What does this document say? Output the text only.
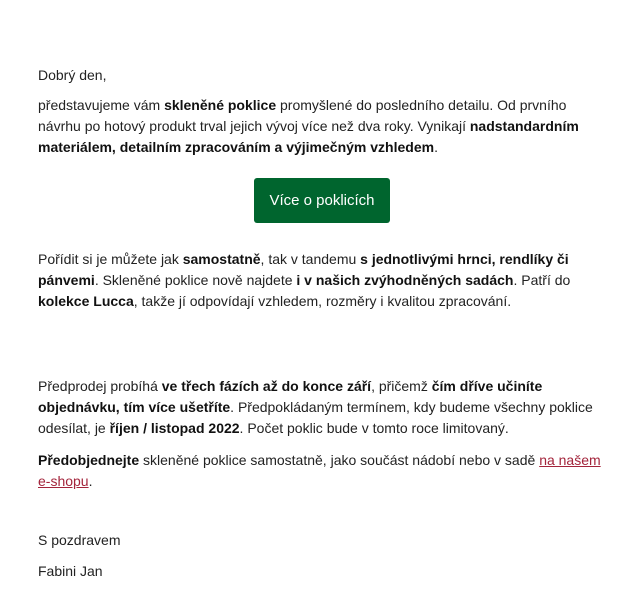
Dobrý den,

představujeme vám skleněné poklice promyšlené do posledního detailu. Od prvního návrhu po hotový produkt trval jejich vývoj více než dva roky. Vynikají nadstandardním materiálem, detailním zpracováním a výjimečným vzhledem.

Více o poklicích

Pořídit si je můžete jak samostatně, tak v tandemu s jednotlivými hrnci, rendlíky či pánvemi. Skleněné poklice nově najdete i v našich zvýhodněných sadách. Patří do kolekce Lucca, takže jí odpovídají vzhledem, rozměry i kvalitou zpracování.

Předprodej probíhá ve třech fázích až do konce září, přičemž čím dříve učiníte objednávku, tím více ušetříte. Předpokládaným termínem, kdy budeme všechny poklice odesílat, je říjen / listopad 2022. Počet poklic bude v tomto roce limitovaný.

Předobjednejte skleněné poklice samostatně, jako součást nádobí nebo v sadě na našem e-shopu.

S pozdravem

Fabini Jan
